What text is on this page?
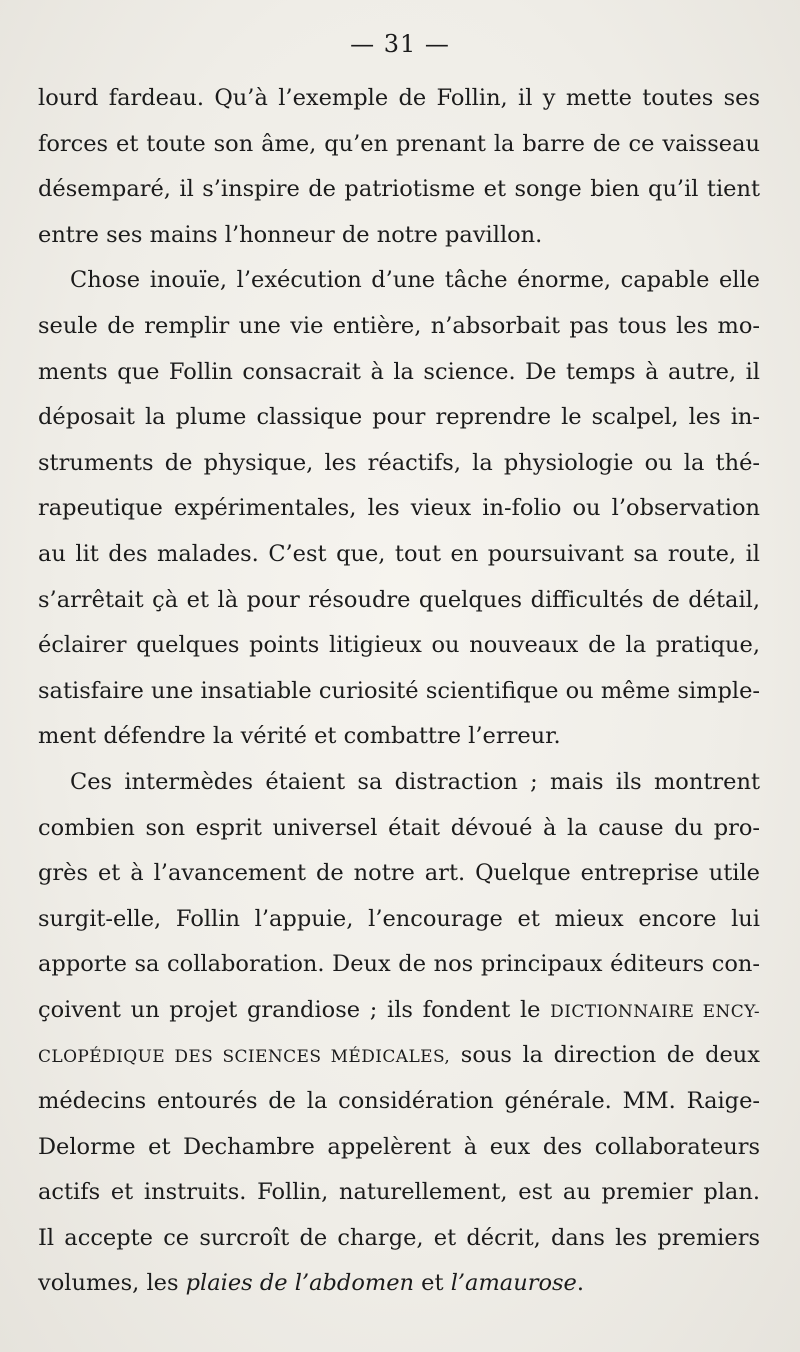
— 31 —
lourd fardeau. Qu’à l’exemple de Follin, il y mette toutes ses
forces et toute son âme, qu’en prenant la barre de ce vaisseau
désemparé, il s’inspire de patriotisme et songe bien qu’il tient
entre ses mains l’honneur de notre pavillon.
Chose inouïe, l’exécution d’une tâche énorme, capable elle
seule de remplir une vie entière, n’absorbait pas tous les mo-
ments que Follin consacrait à la science. De temps à autre, il
déposait la plume classique pour reprendre le scalpel, les in-
struments de physique, les réactifs, la physiologie ou la thé-
rapeutique expérimentales, les vieux in-folio ou l’observation
au lit des malades. C’est que, tout en poursuivant sa route, il
s’arrêtait çà et là pour résoudre quelques difficultés de détail,
éclairer quelques points litigieux ou nouveaux de la pratique,
satisfaire une insatiable curiosité scientifique ou même simple-
ment défendre la vérité et combattre l’erreur.
Ces intermèdes étaient sa distraction ; mais ils montrent
combien son esprit universel était dévoué à la cause du pro-
grès et à l’avancement de notre art. Quelque entreprise utile
surgit-elle, Follin l’appuie, l’encourage et mieux encore lui
apporte sa collaboration. Deux de nos principaux éditeurs con-
çoivent un projet grandiose ; ils fondent le DICTIONNAIRE ENCY-
CLOPÉDIQUE DES SCIENCES MÉDICALES, sous la direction de deux
médecins entourés de la considération générale. MM. Raige-
Delorme et Dechambre appelèrent à eux des collaborateurs
actifs et instruits. Follin, naturellement, est au premier plan.
Il accepte ce surcroît de charge, et décrit, dans les premiers
volumes, les plaies de l’abdomen et l’amaurose.
